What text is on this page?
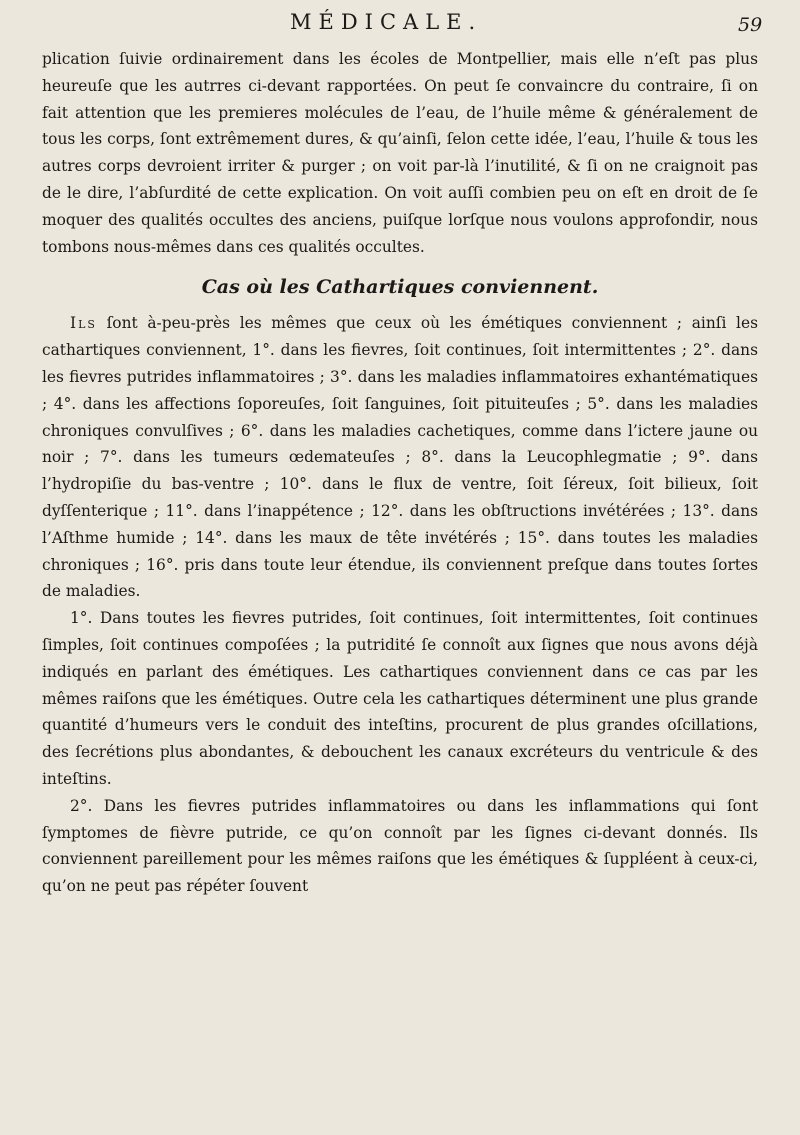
MÉDICALE.	59

plication ſuivie ordinairement dans les écoles de Montpellier, mais elle n’eſt pas plus heureuſe que les autrres ci-devant rapportées. On peut ſe convaincre du contraire, ſi on fait attention que les premieres molécules de l’eau, de l’huile même & généralement de tous les corps, ſont extrêmement dures, & qu’ainſi, ſelon cette idée, l’eau, l’huile & tous les autres corps devroient irriter & purger ; on voit par-là l’inutilité, & ſi on ne craignoit pas de le dire, l’abſurdité de cette explication. On voit auſſi combien peu on eſt en droit de ſe moquer des qualités occultes des anciens, puiſque lorſque nous voulons approfondir, nous tombons nous-mêmes dans ces qualités occultes.

Cas où les Cathartiques conviennent.

Ils ſont à-peu-près les mêmes que ceux où les émétiques conviennent ; ainſi les cathartiques conviennent, 1°. dans les fievres, ſoit continues, ſoit intermittentes ; 2°. dans les fievres putrides inflammatoires ; 3°. dans les maladies inflammatoires exhantématiques ; 4°. dans les affections ſoporeuſes, ſoit ſanguines, ſoit pituiteuſes ; 5°. dans les maladies chroniques convulſives ; 6°. dans les maladies cachetiques, comme dans l’ictere jaune ou noir ; 7°. dans les tumeurs œdemateuſes ; 8°. dans la Leucophlegmatie ; 9°. dans l’hydropiſie du bas-ventre ; 10°. dans le flux de ventre, ſoit ſéreux, ſoit bilieux, ſoit dyſſenterique ; 11°. dans l’inappétence ; 12°. dans les obſtructions invétérées ; 13°. dans l’Aſthme humide ; 14°. dans les maux de tête invétérés ; 15°. dans toutes les maladies chroniques ; 16°. pris dans toute leur étendue, ils conviennent preſque dans toutes ſortes de maladies.

1°. Dans toutes les fievres putrides, ſoit continues, ſoit intermittentes, ſoit continues ſimples, ſoit continues compoſées ; la putridité ſe connoît aux ſignes que nous avons déjà indiqués en parlant des émétiques. Les cathartiques conviennent dans ce cas par les mêmes raiſons que les émétiques. Outre cela les cathartiques déterminent une plus grande quantité d’humeurs vers le conduit des inteſtins, procurent de plus grandes oſcillations, des ſecrétions plus abondantes, & debouchent les canaux excréteurs du ventricule & des inteſtins.

2°. Dans les fievres putrides inflammatoires ou dans les inflammations qui ſont ſymptomes de fièvre putride, ce qu’on connoît par les ſignes ci-devant donnés. Ils conviennent pareillement pour les mêmes raiſons que les émétiques & ſuppléent à ceux-ci, qu’on ne peut pas répéter ſouvent
